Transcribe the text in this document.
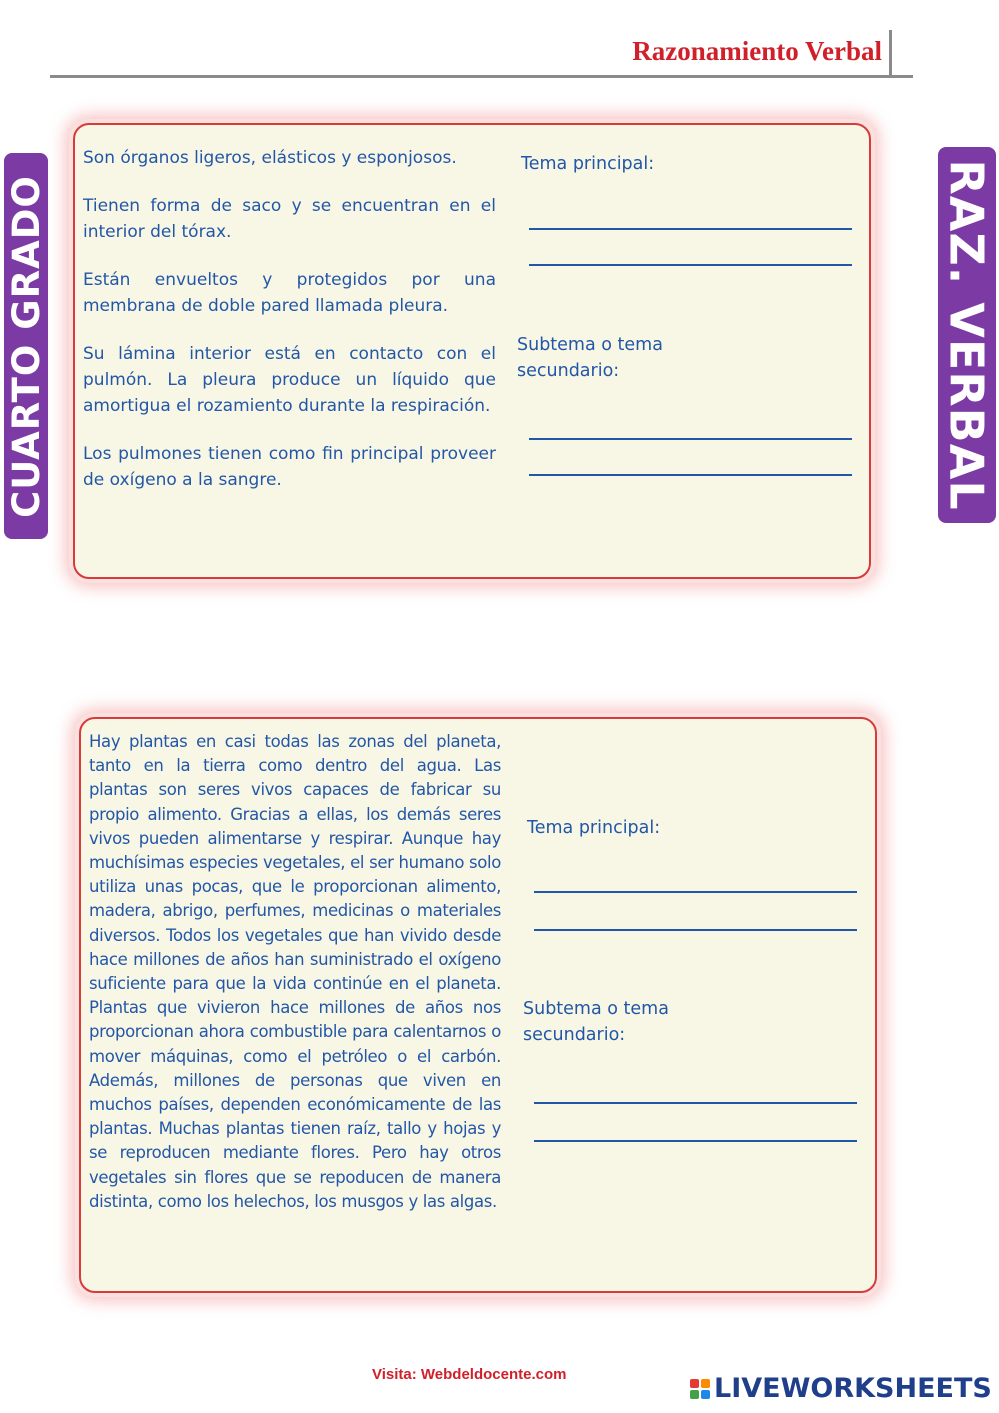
Razonamiento Verbal
CUARTO GRADO	RAZ. VERBAL

Son órganos ligeros, elásticos y esponjosos.

Tienen forma de saco y se encuentran en el interior del tórax.

Están envueltos y protegidos por una membrana de doble pared llamada pleura.

Su lámina interior está en contacto con el pulmón. La pleura produce un líquido que amortigua el rozamiento durante la respiración.

Los pulmones tienen como fin principal proveer de oxígeno a la sangre.

Tema principal:
Subtema o tema
secundario:

Hay plantas en casi todas las zonas del planeta, tanto en la tierra como dentro del agua. Las plantas son seres vivos capaces de fabricar su propio alimento. Gracias a ellas, los demás seres vivos pueden alimentarse y respirar. Aunque hay muchísimas especies vegetales, el ser humano solo utiliza unas pocas, que le proporcionan alimento, madera, abrigo, perfumes, medicinas o materiales diversos. Todos los vegetales que han vivido desde hace millones de años han suministrado el oxígeno suficiente para que la vida continúe en el planeta. Plantas que vivieron hace millones de años nos proporcionan ahora combustible para calentarnos o mover máquinas, como el petróleo o el carbón. Además, millones de personas que viven en muchos países, dependen económicamente de las plantas. Muchas plantas tienen raíz, tallo y hojas y se reproducen mediante flores. Pero hay otros vegetales sin flores que se repoducen de manera distinta, como los helechos, los musgos y las algas.

Tema principal:
Subtema o tema
secundario:
Visita: Webdeldocente.com	LIVEWORKSHEETS
